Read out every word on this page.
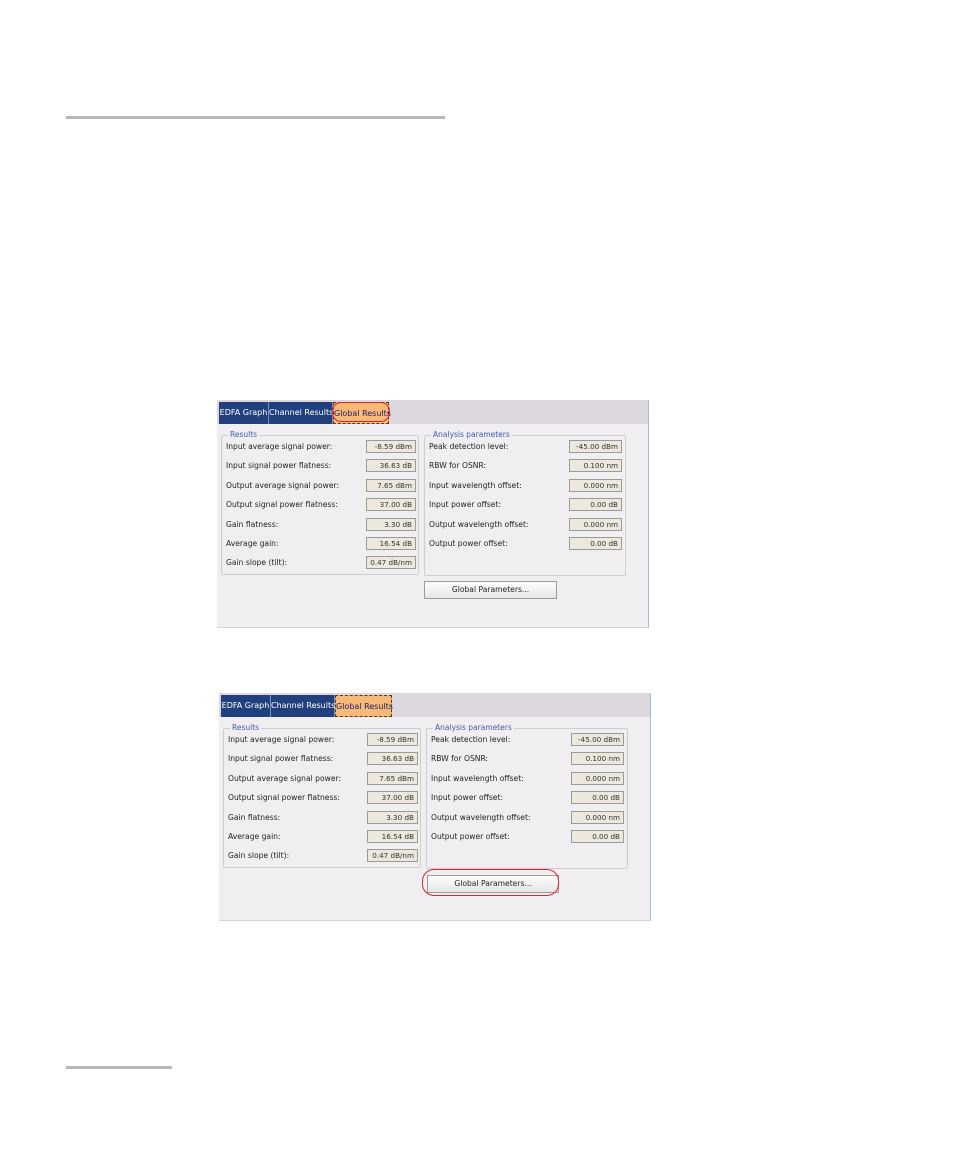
EDFA Graph Channel Results Global Results
Results
Input average signal power:	-8.59 dBm
Input signal power flatness:	36.63 dB
Output average signal power:	7.65 dBm
Output signal power flatness:	37.00 dB
Gain flatness:	3.30 dB
Average gain:	16.54 dB
Gain slope (tilt):	0.47 dB/nm
Analysis parameters
Peak detection level:	-45.00 dBm
RBW for OSNR:	0.100 nm
Input wavelength offset:	0.000 nm
Input power offset:	0.00 dB
Output wavelength offset:	0.000 nm
Output power offset:	0.00 dB
Global Parameters...
EDFA Graph Channel Results Global Results
Results
Input average signal power:	-8.59 dBm
Input signal power flatness:	36.63 dB
Output average signal power:	7.65 dBm
Output signal power flatness:	37.00 dB
Gain flatness:	3.30 dB
Average gain:	16.54 dB
Gain slope (tilt):	0.47 dB/nm
Analysis parameters
Peak detection level:	-45.00 dBm
RBW for OSNR:	0.100 nm
Input wavelength offset:	0.000 nm
Input power offset:	0.00 dB
Output wavelength offset:	0.000 nm
Output power offset:	0.00 dB
Global Parameters...
